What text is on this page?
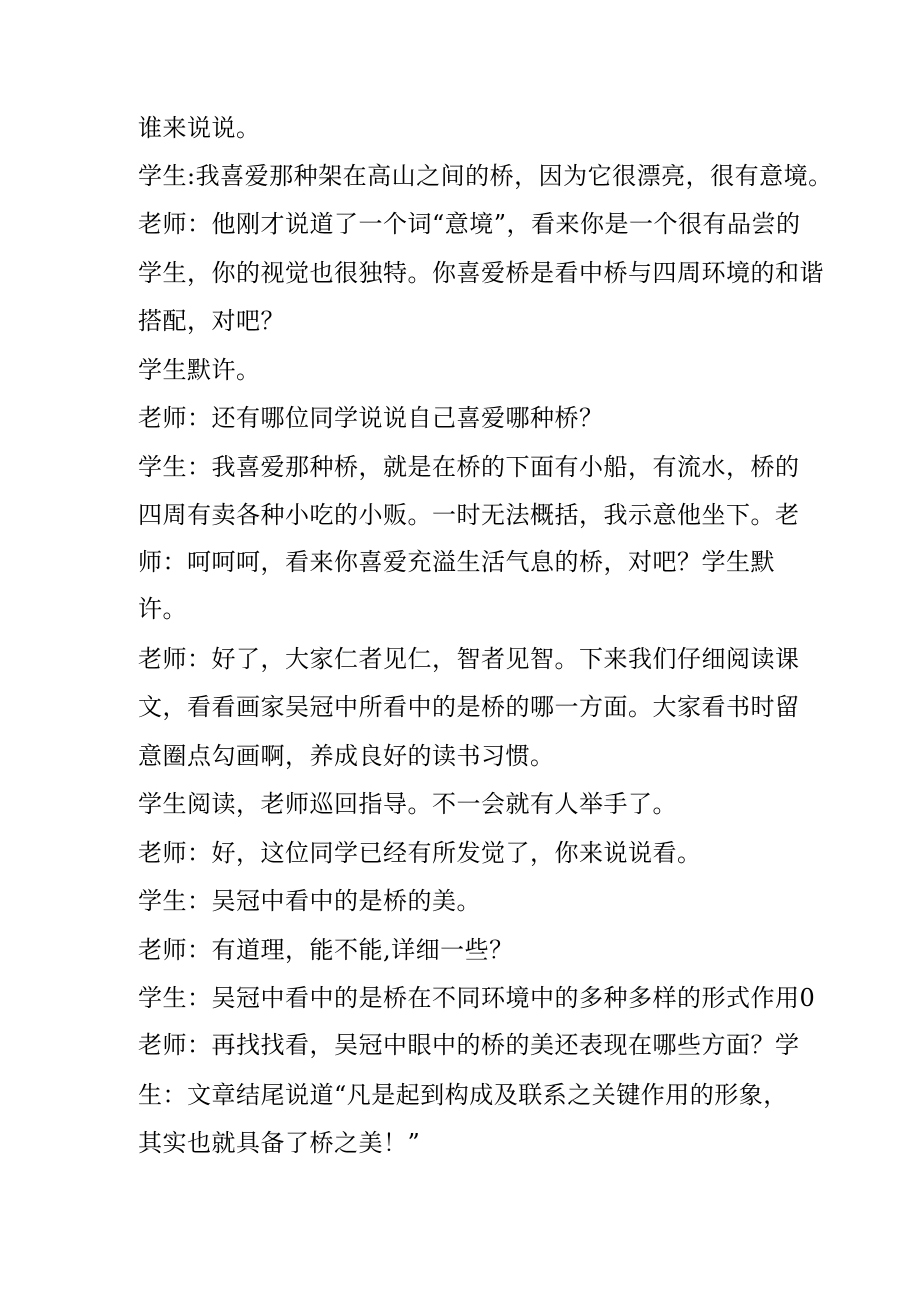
谁来说说。
学生:我喜爱那种架在高山之间的桥，因为它很漂亮，很有意境。
老师：他刚才说道了一个词“意境”，看来你是一个很有品尝的
学生，你的视觉也很独特。你喜爱桥是看中桥与四周环境的和谐
搭配，对吧？
学生默许。
老师：还有哪位同学说说自己喜爱哪种桥？
学生：我喜爱那种桥，就是在桥的下面有小船，有流水，桥的
四周有卖各种小吃的小贩。一时无法概括，我示意他坐下。老
师：呵呵呵，看来你喜爱充溢生活气息的桥，对吧？学生默
许。
老师：好了，大家仁者见仁，智者见智。下来我们仔细阅读课
文，看看画家吴冠中所看中的是桥的哪一方面。大家看书时留
意圈点勾画啊，养成良好的读书习惯。
学生阅读，老师巡回指导。不一会就有人举手了。
老师：好，这位同学已经有所发觉了，你来说说看。
学生：吴冠中看中的是桥的美。
老师：有道理，能不能,详细一些？
学生：吴冠中看中的是桥在不同环境中的多种多样的形式作用0
老师：再找找看，吴冠中眼中的桥的美还表现在哪些方面？学
生：文章结尾说道“凡是起到构成及联系之关键作用的形象，
其实也就具备了桥之美！”
